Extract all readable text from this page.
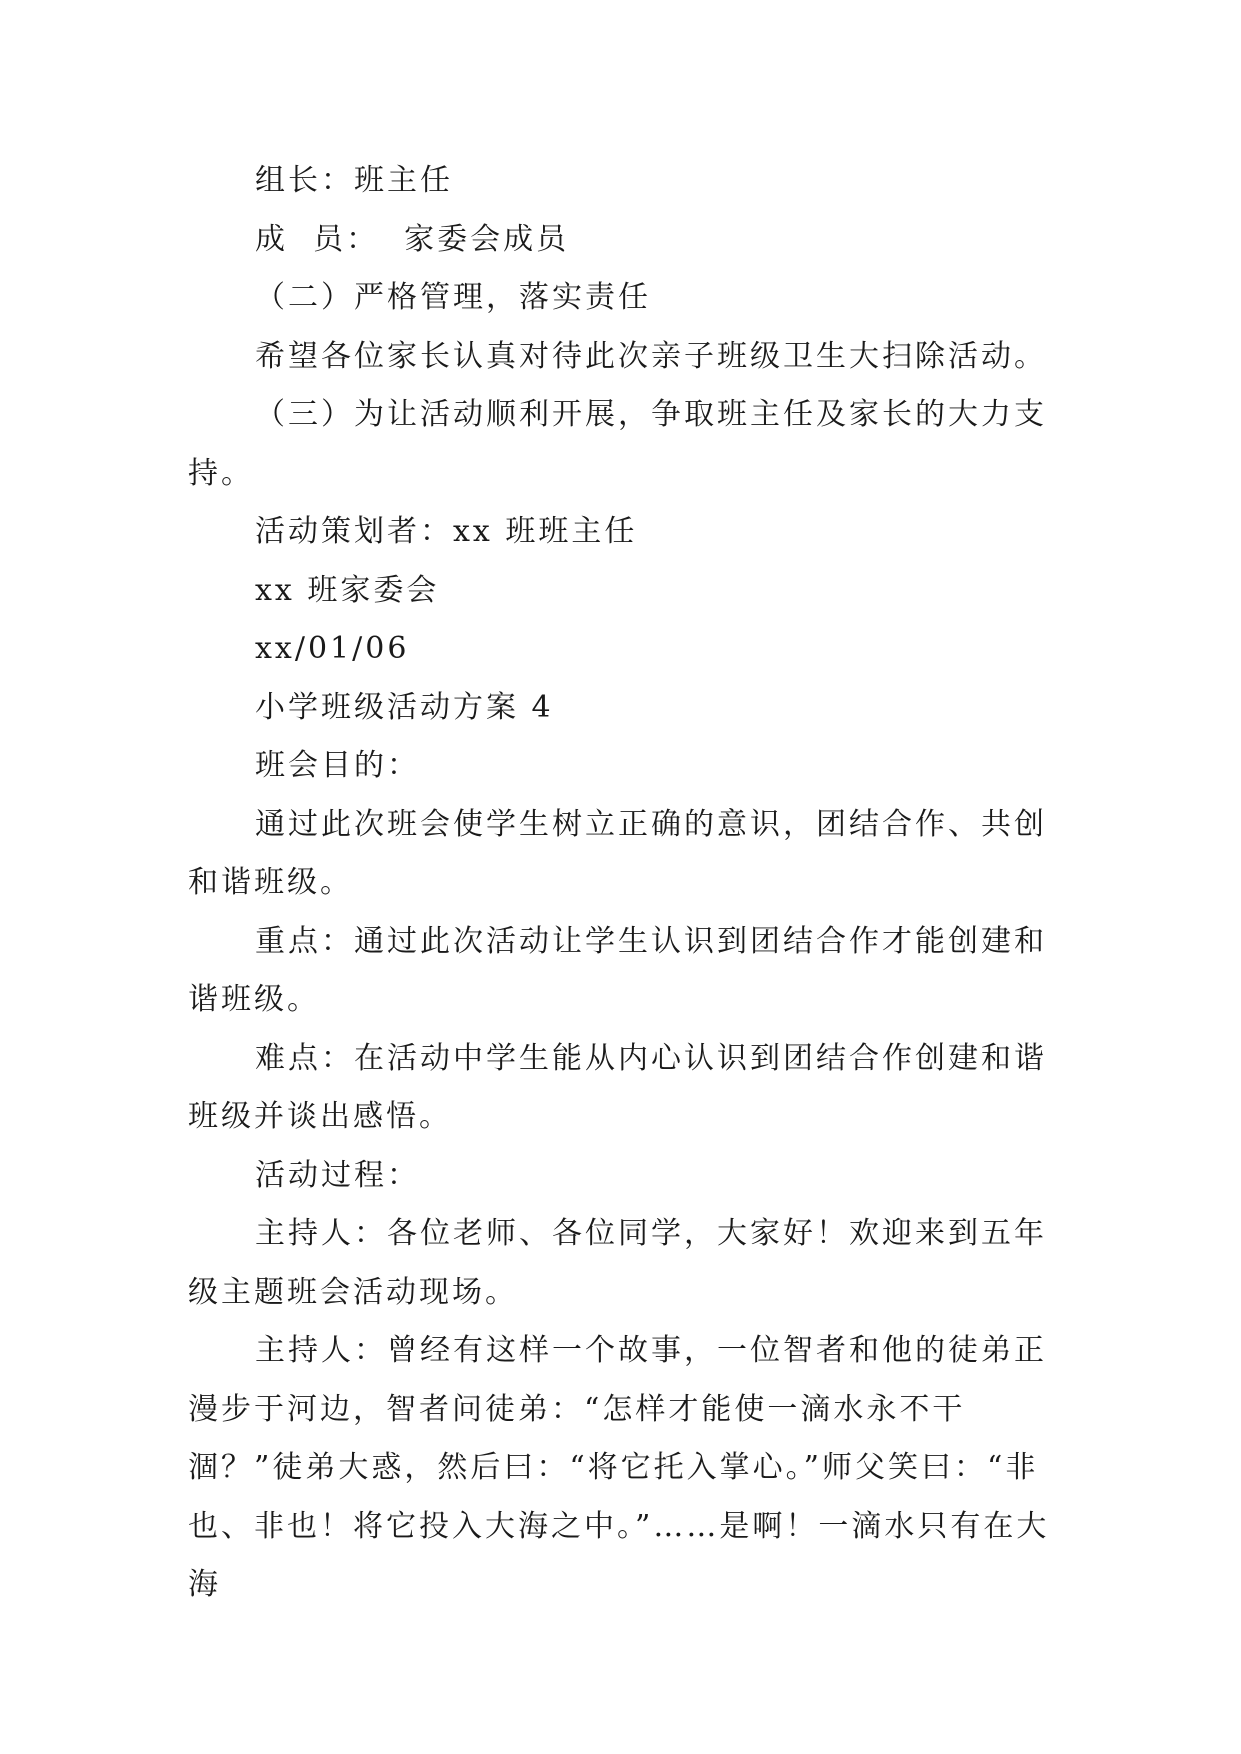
组长：班主任

成  员：  家委会成员

（二）严格管理，落实责任

希望各位家长认真对待此次亲子班级卫生大扫除活动。

（三）为让活动顺利开展，争取班主任及家长的大力支持。

活动策划者：xx 班班主任

xx 班家委会

xx/01/06

小学班级活动方案 4

班会目的：

通过此次班会使学生树立正确的意识，团结合作、共创和谐班级。

重点：通过此次活动让学生认识到团结合作才能创建和谐班级。

难点：在活动中学生能从内心认识到团结合作创建和谐班级并谈出感悟。

活动过程：

主持人：各位老师、各位同学，大家好！欢迎来到五年级主题班会活动现场。

主持人：曾经有这样一个故事，一位智者和他的徒弟正漫步于河边，智者问徒弟：“怎样才能使一滴水永不干涸？”徒弟大惑，然后曰：“将它托入掌心。”师父笑曰：“非也、非也！将它投入大海之中。”……是啊！一滴水只有在大海
